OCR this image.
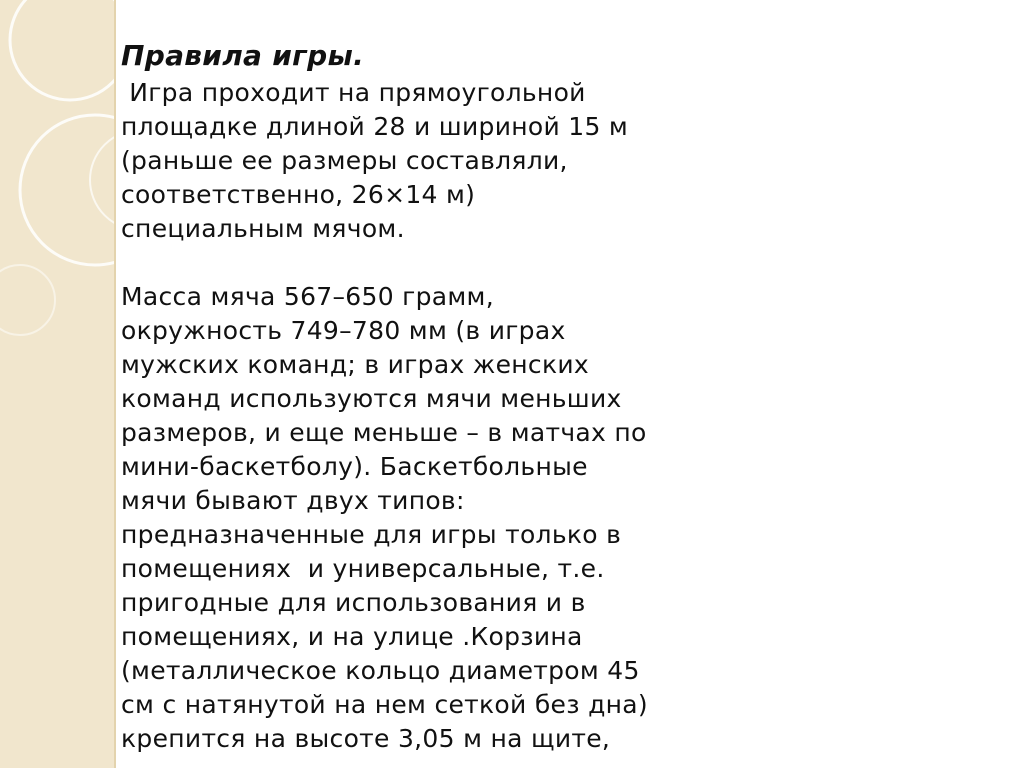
Правила игры.

Игра проходит на прямоугольной
площадке длиной 28 и шириной 15 м
(раньше ее размеры составляли,
соответственно, 26×14 м)
специальным мячом.

Масса мяча 567–650 грамм,
окружность 749–780 мм (в играх
мужских команд; в играх женских
команд используются мячи меньших
размеров, и еще меньше – в матчах по
мини-баскетболу). Баскетбольные
мячи бывают двух типов:
предназначенные для игры только в
помещениях  и универсальные, т.е.
пригодные для использования и в
помещениях, и на улице .Корзина
(металлическое кольцо диаметром 45
см с натянутой на нем сеткой без дна)
крепится на высоте 3,05 м на щите,
